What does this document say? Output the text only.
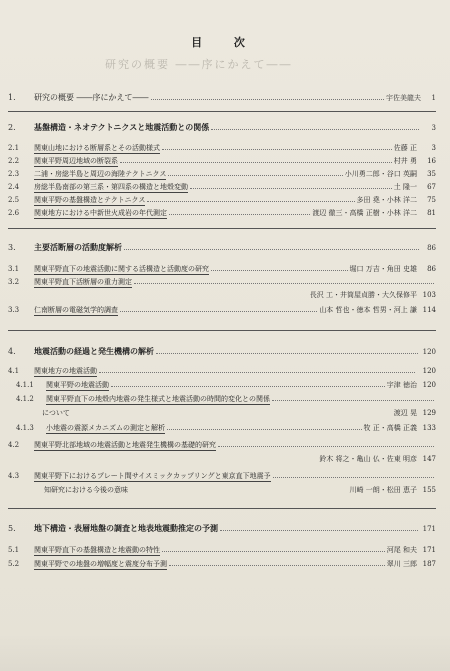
目 次
研究の概要 ――序にかえて――
1.	研究の概要 ――序にかえて――	宇佐美龍夫	1
2.	基盤構造・ネオテクトニクスと地震活動との関係	3
2.1	関東山地における断層系とその活動様式	佐藤 正	3
2.2	関東平野周辺地域の断裂系	村井 勇	16
2.3	二浦・房総半島と周辺の海陸テクトニクス	小川勇二郎・谷口 英嗣	35
2.4	房総半島南部の第三系・第四系の構造と地殻変動	土 隆一	67
2.5	関東平野の基盤構造とテクトニクス	多田 堯・小林 洋二	75
2.6	関東地方における中新世火成岩の年代測定	渡辺 徹三・高橋 正樹・小林 洋二	81
3.	主要活断層の活動度解析	86
3.1	関東平野直下の地震活動に関する活構造と活動度の研究	堀口 万吉・角田 史雄	86
3.2	関東平野直下活断層の重力測定
長沢 工・井筒屋貞勝・大久保修平 103
3.3	仁南断層の電磁気学的調査	山本 哲也・徳本 哲男・河上 謙 114
4.	地震活動の経過と発生機構の解析	120
4.1	関東地方の地震活動	120
4.1.1	関東平野の地震活動	宇津 徳治 120
4.1.2	関東平野直下の地殻内地震の発生様式と地震活動の時間的変化との関係
について	渡辺 晃 129
4.1.3	小地震の震源メカニズムの測定と解析	牧 正・高橋 正義 133
4.2	関東平野北部地域の地震活動と地震発生機構の基礎的研究
鈴木 将之・亀山 仏・佐東 明彦 147
4.3	関東平野下におけるプレート間サイスミックカップリングと東京直下地震予
知研究における今後の意味	川崎 一朗・松田 恵子 155
5.	地下構造・表層地盤の調査と地表地震動推定の予測	171
5.1	関東平野直下の基盤構造と地震動の特性	河尾 和夫 171
5.2	関東平野での地盤の増幅度と震度分布予測	翠川 三郎 187
